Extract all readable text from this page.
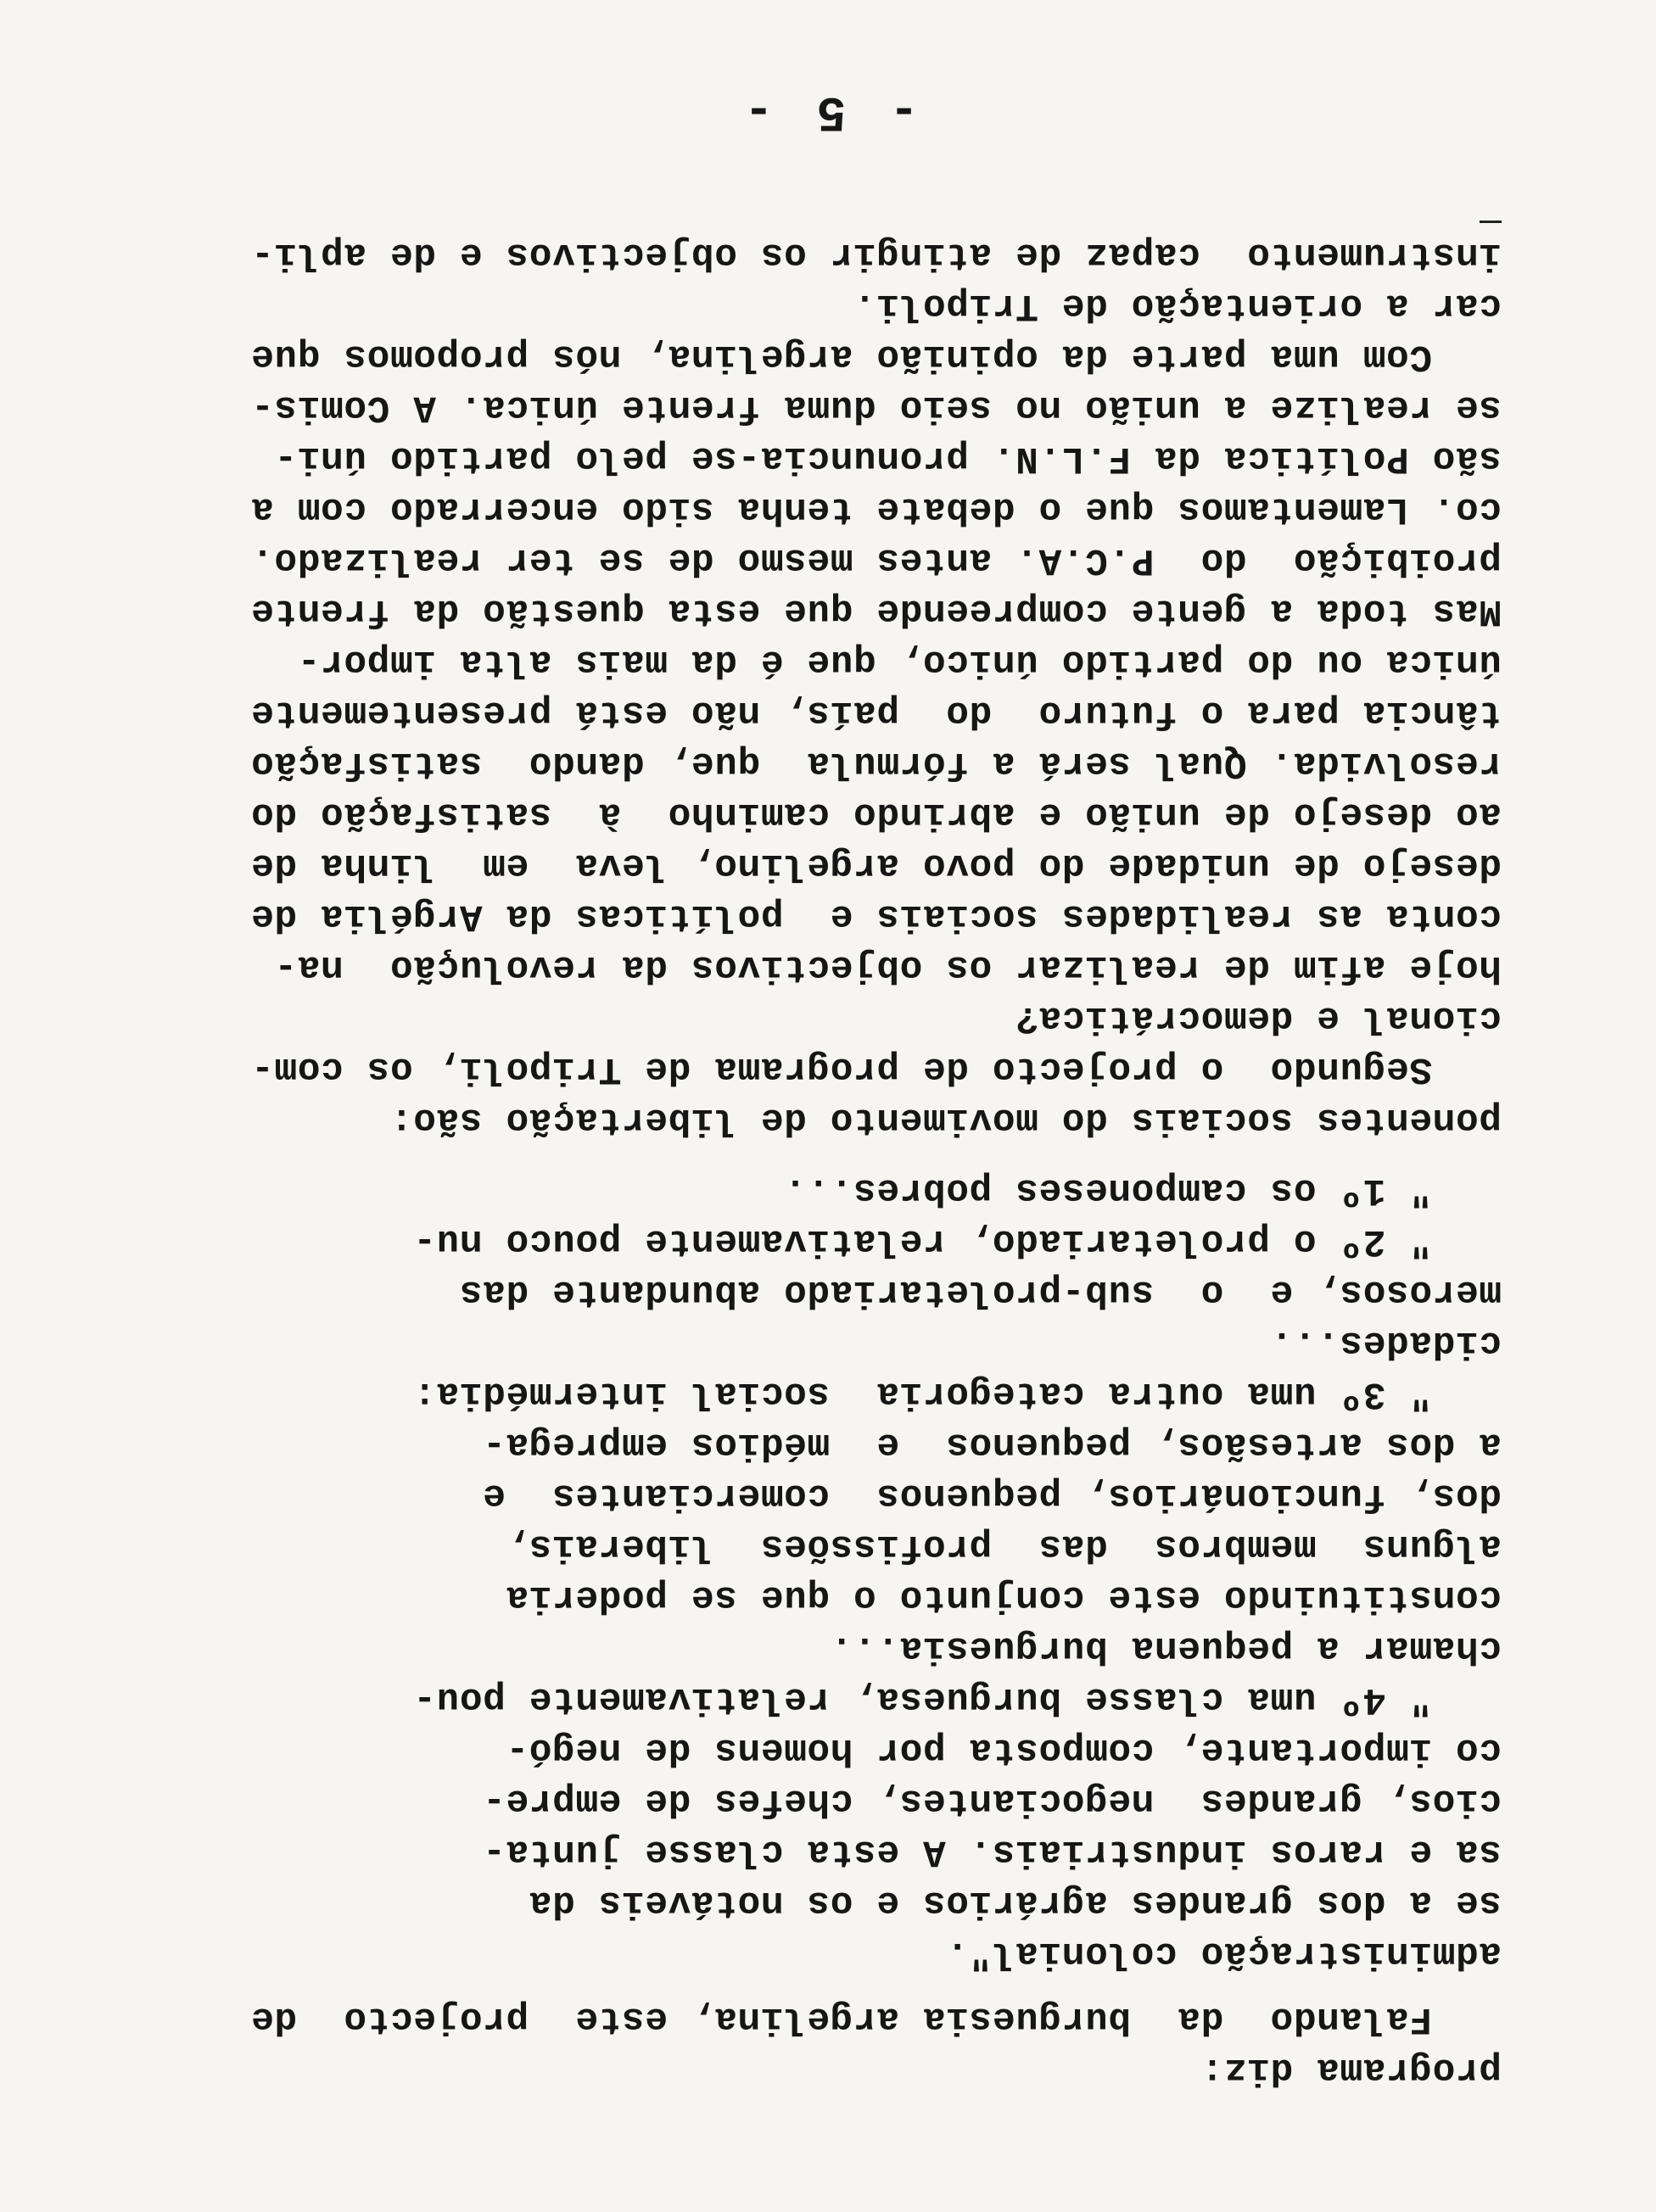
instrumento  capaz de atingir os objectivos e de apli-
car a orientação de Tripoli.
Com uma parte da opinião argelina, nós propomos que
se realize a união no seio duma frente única. A Comis-
são Política da F.L.N. pronuncia-se pelo partido úni-
co. Lamentamos que o debate tenha sido encerrado com a
proibição  do  P.C.A. antes mesmo de se ter realizado.
Mas toda a gente compreende que esta questão da frente
única ou do partido único, que é da mais alta impor-
tância para o futuro  do  país, não está presentemente
resolvida. Qual será a fórmula  que, dando  satisfação
ao desejo de união e abrindo caminho  à  satisfação do
desejo de unidade do povo argelino, leva  em  linha de
conta as realidades sociais e  políticas da Argélia de
hoje afim de realizar os objectivos da revolução  na-
cional e democrática?
Segundo  o projecto de programa de Tripoli, os com-
ponentes sociais do movimento de libertação são:
" 1º os camponeses pobres...
" 2º o proletariado, relativamente pouco nu-
merosos, e  o  sub-proletariado abundante das
cidades...
" 3º uma outra categoria  social intermédia:
a dos artesãos, pequenos  e  médios emprega-
dos, funcionários, pequenos  comerciantes  e
alguns  membros  das  profissões  liberais,
constituindo este conjunto o que se poderia
chamar a pequena burguesia...
" 4º uma classe burguesa, relativamente pou-
co importante, composta por homens de negó-
cios, grandes  negociantes, chefes de empre-
sa e raros industriais. A esta classe junta-
se a dos grandes agrários e os notáveis da
administração colonial".
Falando  da  burguesia argelina, este  projecto  de
programa diz:
- 5 -
